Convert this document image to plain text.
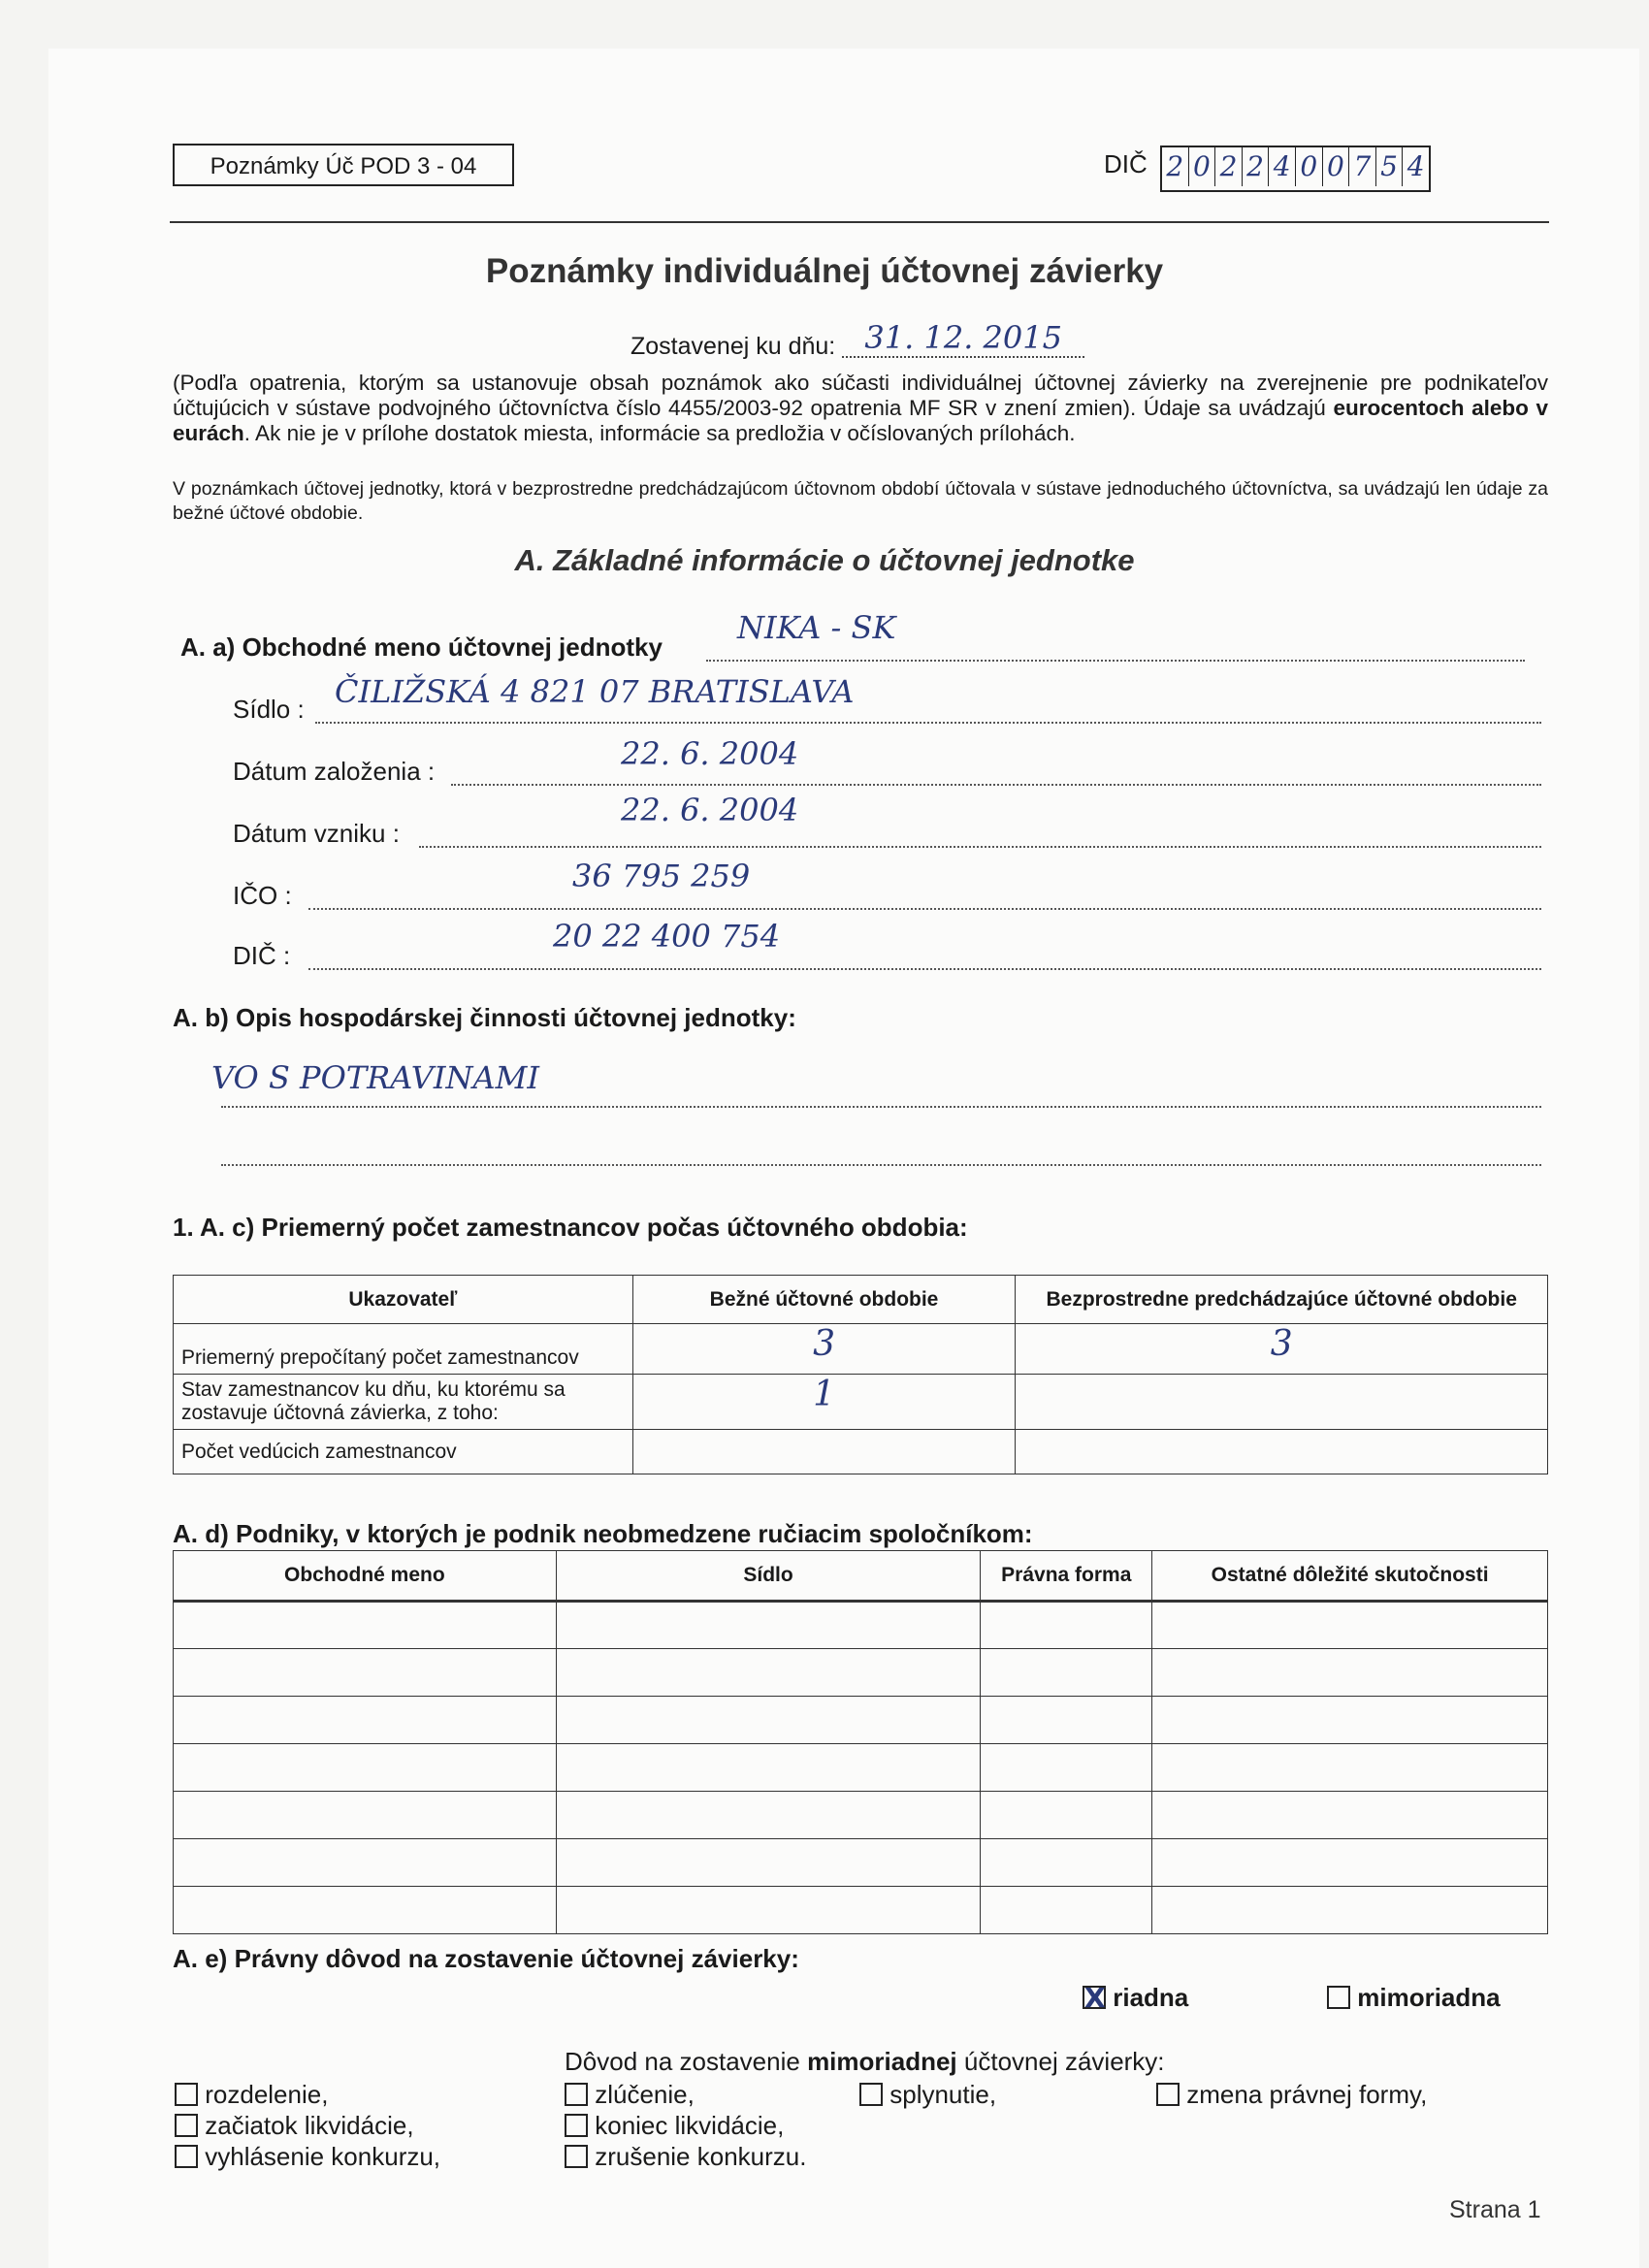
Poznámky Úč POD 3 - 04	DIČ 2 0 2 2 4 0 0 7 5 4
Poznámky individuálnej účtovnej závierky
Zostavenej ku dňu: 31. 12. 2015
(Podľa opatrenia, ktorým sa ustanovuje obsah poznámok ako súčasti individuálnej účtovnej závierky na zverejnenie pre podnikateľov účtujúcich v sústave podvojného účtovníctva číslo 4455/2003-92 opatrenia MF SR v znení zmien). Údaje sa uvádzajú eurocentoch alebo v eurách. Ak nie je v prílohe dostatok miesta, informácie sa predložia v očíslovaných prílohách.
V poznámkach účtovej jednotky, ktorá v bezprostredne predchádzajúcom účtovnom období účtovala v sústave jednoduchého účtovníctva, sa uvádzajú len údaje za bežné účtové obdobie.
A. Základné informácie o účtovnej jednotke
A. a) Obchodné meno účtovnej jednotky
NIKA - SK
Sídlo : ČILIŽSKÁ 4 821 07 BRATISLAVA
Dátum založenia :	22. 6. 2004
Dátum vzniku :
22. 6. 2004
IČO :
36 795 259
DIČ :
20 22 400 754
A. b) Opis hospodárskej činnosti účtovnej jednotky:
VO S POTRAVINAMI
1. A. c) Priemerný počet zamestnancov počas účtovného obdobia:
Ukazovateľ	Bežné účtovné obdobie	Bezprostredne predchádzajúce účtovné obdobie
Priemerný prepočítaný počet zamestnancov	3	3
Stav zamestnancov ku dňu, ku ktorému sa zostavuje účtovná závierka, z toho:	1	
Počet vedúcich zamestnancov		
A. d) Podniky, v ktorých je podnik neobmedzene ručiacim spoločníkom:
Obchodné meno	Sídlo	Právna forma	Ostatné dôležité skutočnosti

A. e) Právny dôvod na zostavenie účtovnej závierky:
X riadna	mimoriadna
Dôvod na zostavenie mimoriadnej účtovnej závierky:
rozdelenie,
začiatok likvidácie,
vyhlásenie konkurzu,
zlúčenie,
koniec likvidácie,
zrušenie konkurzu.
splynutie,	zmena právnej formy,
Strana 1
